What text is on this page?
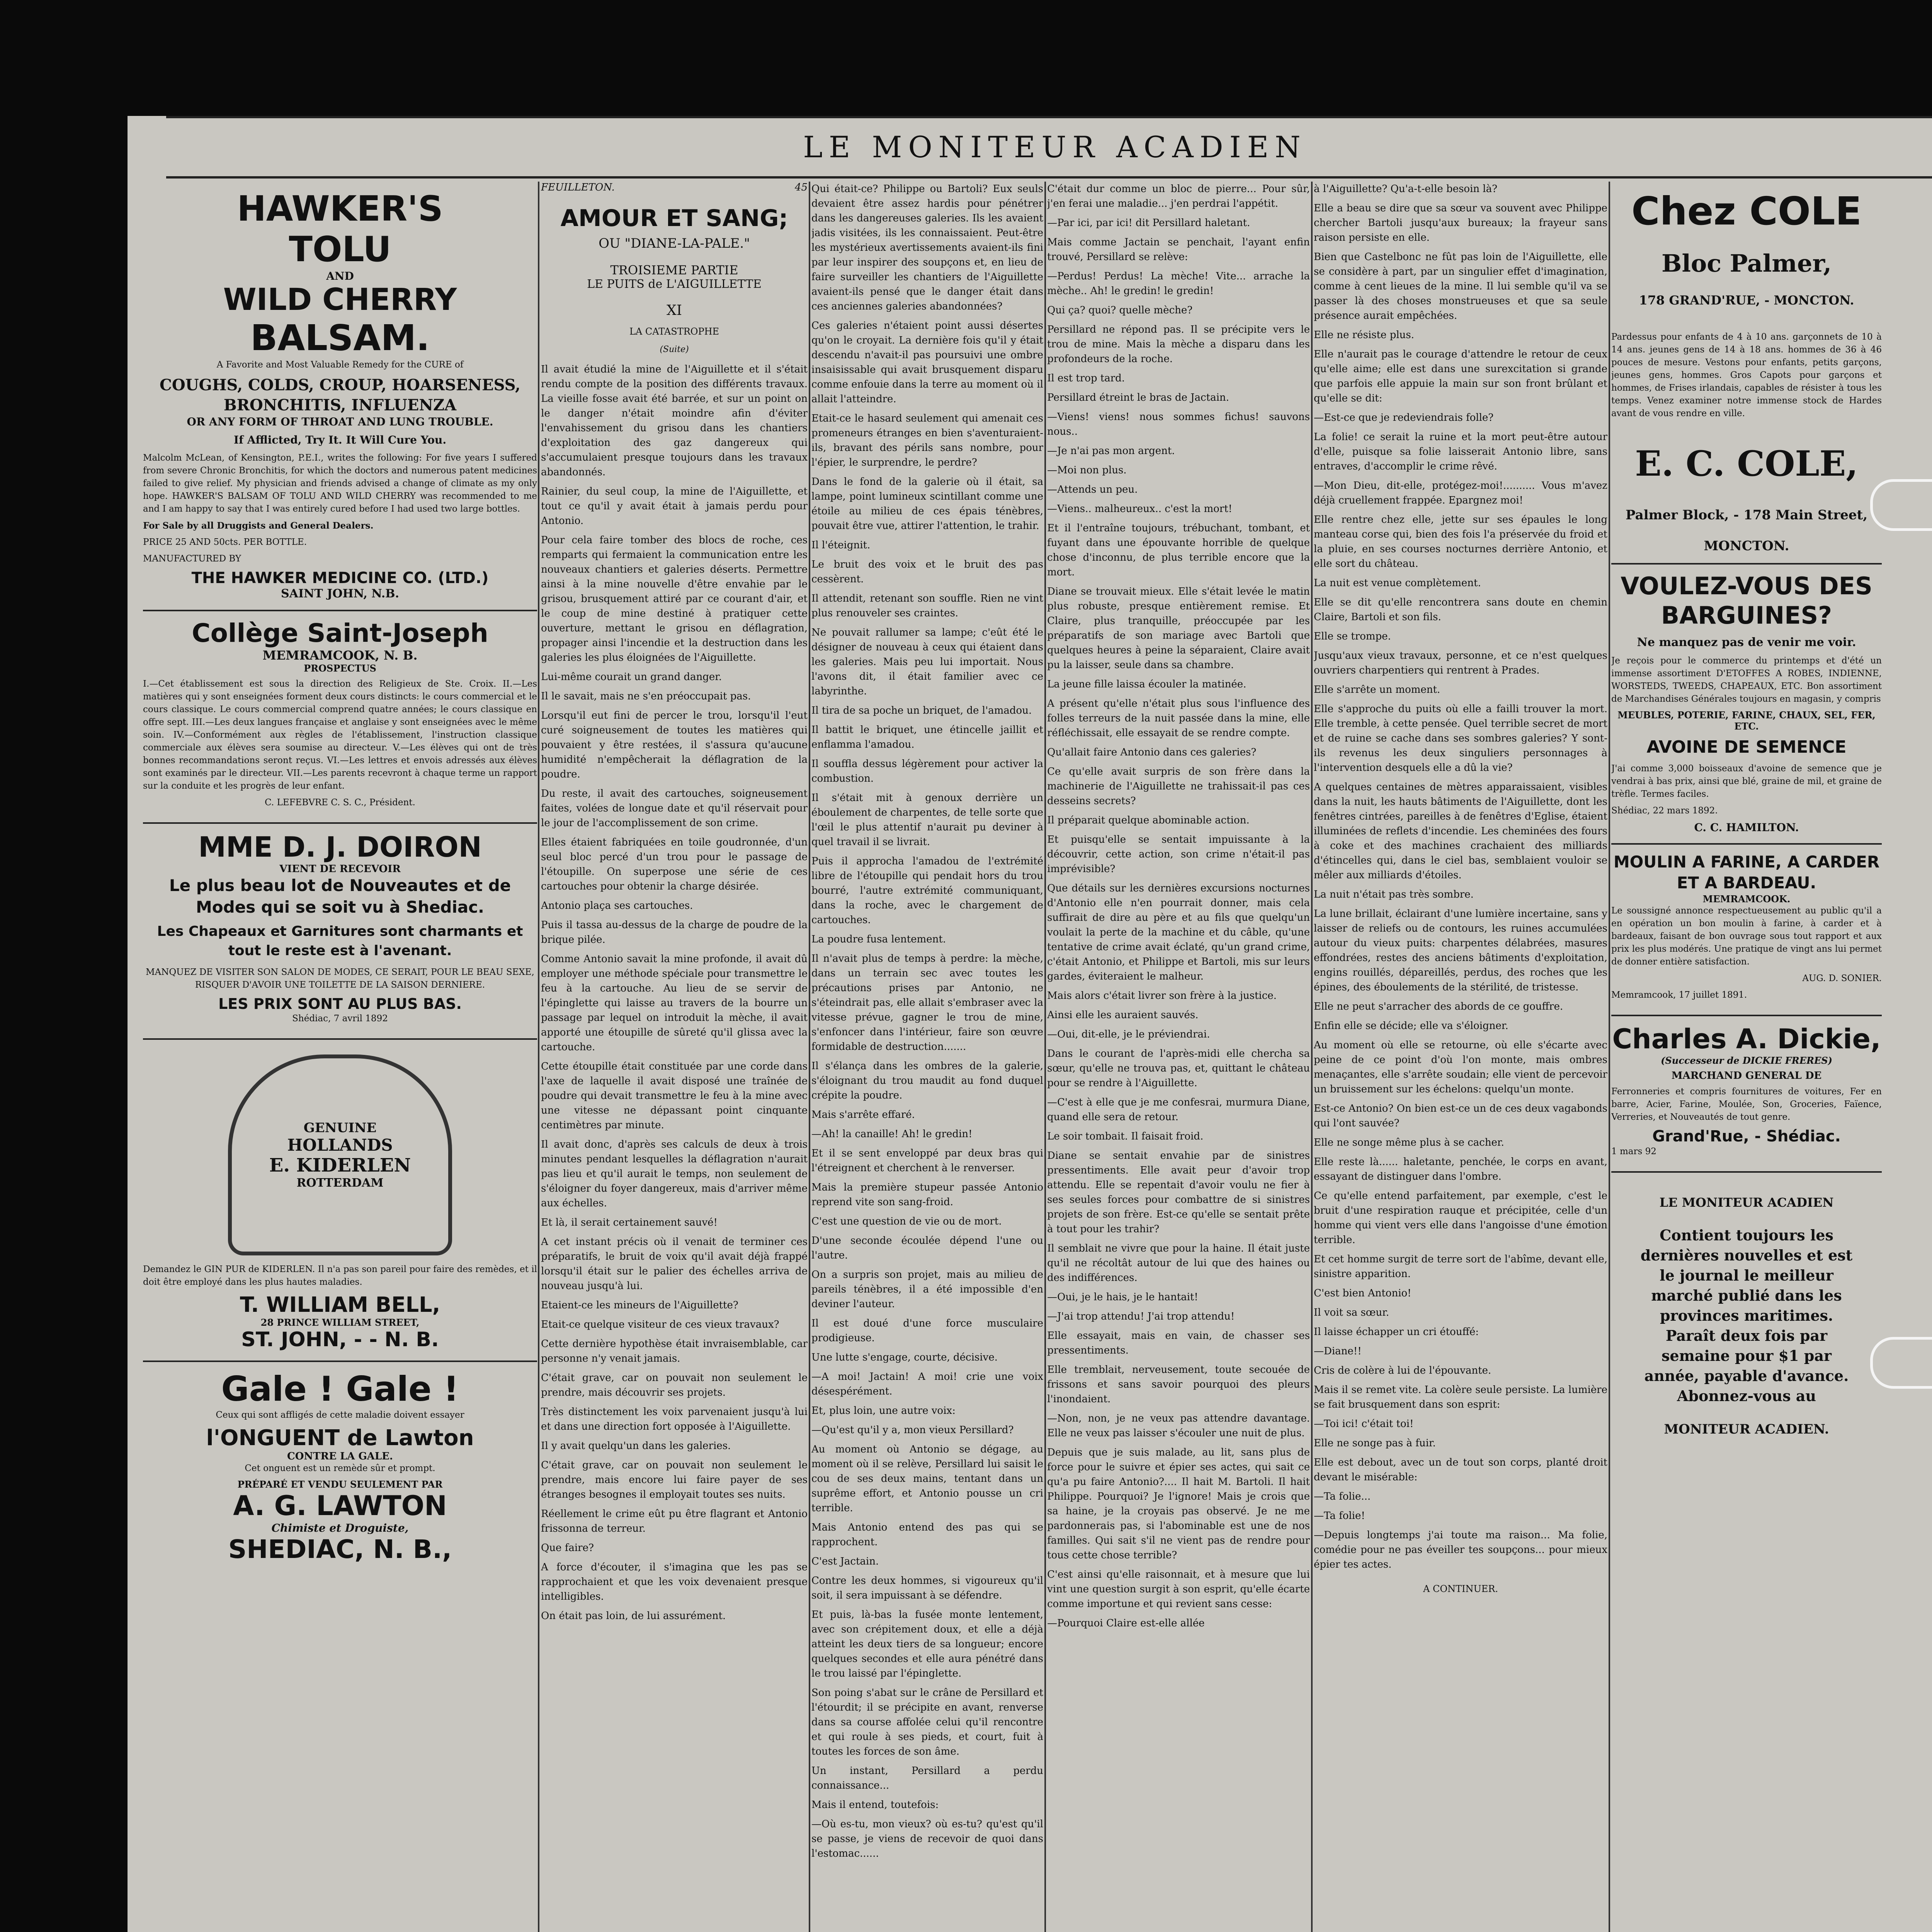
LE MONITEUR ACADIEN
HAWKER'S
TOLU
AND
WILD CHERRY
BALSAM.
A Favorite and Most Valuable Remedy for the CURE of
COUGHS, COLDS, CROUP, HOARSENESS, BRONCHITIS, INFLUENZA
OR ANY FORM OF THROAT AND LUNG TROUBLE.
If Afflicted, Try It. It Will Cure You.
Malcolm McLean, of Kensington, P.E.I., writes the following: For five years I suffered from severe Chronic Bronchitis, for which the doctors and numerous patent medicines failed to give relief. My physician and friends advised a change of climate as my only hope. HAWKER'S BALSAM OF TOLU AND WILD CHERRY was recommended to me and I am happy to say that I was entirely cured before I had used two large bottles.
For Sale by all Druggists and General Dealers.
PRICE 25 AND 50cts. PER BOTTLE.
MANUFACTURED BY
THE HAWKER MEDICINE CO. (LTD.)
SAINT JOHN, N.B.
Collège Saint-Joseph
MEMRAMCOOK, N. B.
PROSPECTUS
I.—Cet établissement est sous la direction des Religieux de Ste. Croix. II.—Les matières qui y sont enseignées forment deux cours distincts: le cours commercial et le cours classique. Le cours commercial comprend quatre années; le cours classique en offre sept. III.—Les deux langues française et anglaise y sont enseignées avec le même soin. IV.—Conformément aux règles de l'établissement, l'instruction classique commerciale aux élèves sera soumise au directeur. V.—Les élèves qui ont de très bonnes recommandations seront reçus. VI.—Les lettres et envois adressés aux élèves sont examinés par le directeur. VII.—Les parents recevront à chaque terme un rapport sur la conduite et les progrès de leur enfant.
C. LEFEBVRE C. S. C., Président.
MME D. J. DOIRON
VIENT DE RECEVOIR
Le plus beau lot de Nouveautes et de Modes qui se soit vu à Shediac.
Les Chapeaux et Garnitures sont charmants et tout le reste est à l'avenant.
MANQUEZ DE VISITER SON SALON DE MODES, CE SERAIT, POUR LE BEAU SEXE, RISQUER D'AVOIR UNE TOILETTE DE LA SAISON DERNIERE.
LES PRIX SONT AU PLUS BAS.
Shédiac, 7 avril 1892
GENUINE
HOLLANDS
E. KIDERLEN
ROTTERDAM
Demandez le GIN PUR de KIDERLEN. Il n'a pas son pareil pour faire des remèdes, et il doit être employé dans les plus hautes maladies.
T. WILLIAM BELL,
28 PRINCE WILLIAM STREET,
ST. JOHN, - - N. B.
Gale ! Gale !
Ceux qui sont affligés de cette maladie doivent essayer
l'ONGUENT de Lawton
CONTRE LA GALE.
Cet onguent est un remède sûr et prompt.
PRÉPARÉ ET VENDU SEULEMENT PAR
A. G. LAWTON
Chimiste et Droguiste,
SHEDIAC, N. B.,
FEUILLETON.	45
AMOUR ET SANG;
OU "DIANE-LA-PALE."
TROISIEME PARTIE
LE PUITS de L'AIGUILLETTE
XI
LA CATASTROPHE
(Suite)

Il avait étudié la mine de l'Aiguillette et il s'était rendu compte de la position des différents travaux. La vieille fosse avait été barrée, et sur un point on le danger n'était moindre afin d'éviter l'envahissement du grisou dans les chantiers d'exploitation des gaz dangereux qui s'accumulaient presque toujours dans les travaux abandonnés.

Rainier, du seul coup, la mine de l'Aiguillette, et tout ce qu'il y avait était à jamais perdu pour Antonio.

Pour cela faire tomber des blocs de roche, ces remparts qui fermaient la communication entre les nouveaux chantiers et galeries déserts. Permettre ainsi à la mine nouvelle d'être envahie par le grisou, brusquement attiré par ce courant d'air, et le coup de mine destiné à pratiquer cette ouverture, mettant le grisou en déflagration, propager ainsi l'incendie et la destruction dans les galeries les plus éloignées de l'Aiguillette.

Lui-même courait un grand danger.

Il le savait, mais ne s'en préoccupait pas.

Lorsqu'il eut fini de percer le trou, lorsqu'il l'eut curé soigneusement de toutes les matières qui pouvaient y être restées, il s'assura qu'aucune humidité n'empêcherait la déflagration de la poudre.

Du reste, il avait des cartouches, soigneusement faites, volées de longue date et qu'il réservait pour le jour de l'accomplissement de son crime.

Elles étaient fabriquées en toile goudronnée, d'un seul bloc percé d'un trou pour le passage de l'étoupille. On superpose une série de ces cartouches pour obtenir la charge désirée.

Antonio plaça ses cartouches.

Puis il tassa au-dessus de la charge de poudre de la brique pilée.

Comme Antonio savait la mine profonde, il avait dû employer une méthode spéciale pour transmettre le feu à la cartouche. Au lieu de se servir de l'épinglette qui laisse au travers de la bourre un passage par lequel on introduit la mèche, il avait apporté une étoupille de sûreté qu'il glissa avec la cartouche.

Cette étoupille était constituée par une corde dans l'axe de laquelle il avait disposé une traînée de poudre qui devait transmettre le feu à la mine avec une vitesse ne dépassant point cinquante centimètres par minute.

Il avait donc, d'après ses calculs de deux à trois minutes pendant lesquelles la déflagration n'aurait pas lieu et qu'il aurait le temps, non seulement de s'éloigner du foyer dangereux, mais d'arriver même aux échelles.

Et là, il serait certainement sauvé!

A cet instant précis où il venait de terminer ces préparatifs, le bruit de voix qu'il avait déjà frappé lorsqu'il était sur le palier des échelles arriva de nouveau jusqu'à lui.

Etaient-ce les mineurs de l'Aiguillette?

Etait-ce quelque visiteur de ces vieux travaux?

Cette dernière hypothèse était invraisemblable, car personne n'y venait jamais.

C'était grave, car on pouvait non seulement le prendre, mais découvrir ses projets.

Très distinctement les voix parvenaient jusqu'à lui et dans une direction fort opposée à l'Aiguillette.

Il y avait quelqu'un dans les galeries.

C'était grave, car on pouvait non seulement le prendre, mais encore lui faire payer de ses étranges besognes il employait toutes ses nuits.

Réellement le crime eût pu être flagrant et Antonio frissonna de terreur.

Que faire?

A force d'écouter, il s'imagina que les pas se rapprochaient et que les voix devenaient presque intelligibles.

On était pas loin, de lui assurément.

Qui était-ce? Philippe ou Bartoli? Eux seuls devaient être assez hardis pour pénétrer dans les dangereuses galeries. Ils les avaient jadis visitées, ils les connaissaient. Peut-être les mystérieux avertissements avaient-ils fini par leur inspirer des soupçons et, en lieu de faire surveiller les chantiers de l'Aiguillette avaient-ils pensé que le danger était dans ces anciennes galeries abandonnées?

Ces galeries n'étaient point aussi désertes qu'on le croyait. La dernière fois qu'il y était descendu n'avait-il pas poursuivi une ombre insaisissable qui avait brusquement disparu comme enfouie dans la terre au moment où il allait l'atteindre.

Etait-ce le hasard seulement qui amenait ces promeneurs étranges en bien s'aventuraient-ils, bravant des périls sans nombre, pour l'épier, le surprendre, le perdre?

Dans le fond de la galerie où il était, sa lampe, point lumineux scintillant comme une étoile au milieu de ces épais ténèbres, pouvait être vue, attirer l'attention, le trahir.

Il l'éteignit.

Le bruit des voix et le bruit des pas cessèrent.

Il attendit, retenant son souffle. Rien ne vint plus renouveler ses craintes.

Ne pouvait rallumer sa lampe; c'eût été le désigner de nouveau à ceux qui étaient dans les galeries. Mais peu lui importait. Nous l'avons dit, il était familier avec ce labyrinthe.

Il tira de sa poche un briquet, de l'amadou.

Il battit le briquet, une étincelle jaillit et enflamma l'amadou.

Il souffla dessus légèrement pour activer la combustion.

Il s'était mit à genoux derrière un éboulement de charpentes, de telle sorte que l'œil le plus attentif n'aurait pu deviner à quel travail il se livrait.

Puis il approcha l'amadou de l'extrémité libre de l'étoupille qui pendait hors du trou bourré, l'autre extrémité communiquant, dans la roche, avec le chargement de cartouches.

La poudre fusa lentement.

Il n'avait plus de temps à perdre: la mèche, dans un terrain sec avec toutes les précautions prises par Antonio, ne s'éteindrait pas, elle allait s'embraser avec la vitesse prévue, gagner le trou de mine, s'enfoncer dans l'intérieur, faire son œuvre formidable de destruction.......

Il s'élança dans les ombres de la galerie, s'éloignant du trou maudit au fond duquel crépite la poudre.

Mais s'arrête effaré.

—Ah! la canaille! Ah! le gredin!

Et il se sent enveloppé par deux bras qui l'étreignent et cherchent à le renverser.

Mais la première stupeur passée Antonio reprend vite son sang-froid.

C'est une question de vie ou de mort.

D'une seconde écoulée dépend l'une ou l'autre.

On a surpris son projet, mais au milieu de pareils ténèbres, il a été impossible d'en deviner l'auteur.

Il est doué d'une force musculaire prodigieuse.

Une lutte s'engage, courte, décisive.

—A moi! Jactain! A moi! crie une voix désespérément.

Et, plus loin, une autre voix:

—Qu'est qu'il y a, mon vieux Persillard?

Au moment où Antonio se dégage, au moment où il se relève, Persillard lui saisit le cou de ses deux mains, tentant dans un suprême effort, et Antonio pousse un cri terrible.

Mais Antonio entend des pas qui se rapprochent.

C'est Jactain.

Contre les deux hommes, si vigoureux qu'il soit, il sera impuissant à se défendre.

Et puis, là-bas la fusée monte lentement, avec son crépitement doux, et elle a déjà atteint les deux tiers de sa longueur; encore quelques secondes et elle aura pénétré dans le trou laissé par l'épinglette.

Son poing s'abat sur le crâne de Persillard et l'étourdit; il se précipite en avant, renverse dans sa course affolée celui qu'il rencontre et qui roule à ses pieds, et court, fuit à toutes les forces de son âme.

Un instant, Persillard a perdu connaissance...

Mais il entend, toutefois:

—Où es-tu, mon vieux? où es-tu? qu'est qu'il se passe, je viens de recevoir de quoi dans l'estomac......

C'était dur comme un bloc de pierre... Pour sûr, j'en ferai une maladie... j'en perdrai l'appétit.

—Par ici, par ici! dit Persillard haletant.

Mais comme Jactain se penchait, l'ayant enfin trouvé, Persillard se relève:

—Perdus! Perdus! La mèche! Vite... arrache la mèche.. Ah! le gredin! le gredin!

Qui ça? quoi? quelle mèche?

Persillard ne répond pas. Il se précipite vers le trou de mine. Mais la mèche a disparu dans les profondeurs de la roche.

Il est trop tard.

Persillard étreint le bras de Jactain.

—Viens! viens! nous sommes fichus! sauvons nous..

—Je n'ai pas mon argent.

—Moi non plus.

—Attends un peu.

—Viens.. malheureux.. c'est la mort!

Et il l'entraîne toujours, trébuchant, tombant, et fuyant dans une épouvante horrible de quelque chose d'inconnu, de plus terrible encore que la mort.

Diane se trouvait mieux. Elle s'était levée le matin plus robuste, presque entièrement remise. Et Claire, plus tranquille, préoccupée par les préparatifs de son mariage avec Bartoli que quelques heures à peine la séparaient, Claire avait pu la laisser, seule dans sa chambre.

La jeune fille laissa écouler la matinée.

A présent qu'elle n'était plus sous l'influence des folles terreurs de la nuit passée dans la mine, elle réfléchissait, elle essayait de se rendre compte.

Qu'allait faire Antonio dans ces galeries?

Ce qu'elle avait surpris de son frère dans la machinerie de l'Aiguillette ne trahissait-il pas ces desseins secrets?

Il préparait quelque abominable action.

Et puisqu'elle se sentait impuissante à la découvrir, cette action, son crime n'était-il pas imprévisible?

Que détails sur les dernières excursions nocturnes d'Antonio elle n'en pourrait donner, mais cela suffirait de dire au père et au fils que quelqu'un voulait la perte de la machine et du câble, qu'une tentative de crime avait éclaté, qu'un grand crime, c'était Antonio, et Philippe et Bartoli, mis sur leurs gardes, éviteraient le malheur.

Mais alors c'était livrer son frère à la justice.

Ainsi elle les auraient sauvés.

—Oui, dit-elle, je le préviendrai.

Dans le courant de l'après-midi elle chercha sa sœur, qu'elle ne trouva pas, et, quittant le château pour se rendre à l'Aiguillette.

—C'est à elle que je me confesrai, murmura Diane, quand elle sera de retour.

Le soir tombait. Il faisait froid.

Diane se sentait envahie par de sinistres pressentiments. Elle avait peur d'avoir trop attendu. Elle se repentait d'avoir voulu ne fier à ses seules forces pour combattre de si sinistres projets de son frère. Est-ce qu'elle se sentait prête à tout pour les trahir?

Il semblait ne vivre que pour la haine. Il était juste qu'il ne récoltât autour de lui que des haines ou des indifférences.

—Oui, je le hais, je le hantait!

—J'ai trop attendu! J'ai trop attendu!

Elle essayait, mais en vain, de chasser ses pressentiments.

Elle tremblait, nerveusement, toute secouée de frissons et sans savoir pourquoi des pleurs l'inondaient.

—Non, non, je ne veux pas attendre davantage. Elle ne veux pas laisser s'écouler une nuit de plus.

Depuis que je suis malade, au lit, sans plus de force pour le suivre et épier ses actes, qui sait ce qu'a pu faire Antonio?.... Il hait M. Bartoli. Il hait Philippe. Pourquoi? Je l'ignore! Mais je crois que sa haine, je la croyais pas observé. Je ne me pardonnerais pas, si l'abominable est une de nos familles. Qui sait s'il ne vient pas de rendre pour tous cette chose terrible?

C'est ainsi qu'elle raisonnait, et à mesure que lui vint une question surgit à son esprit, qu'elle écarte comme importune et qui revient sans cesse:

—Pourquoi Claire est-elle allée

à l'Aiguillette? Qu'a-t-elle besoin là?

Elle a beau se dire que sa sœur va souvent avec Philippe chercher Bartoli jusqu'aux bureaux; la frayeur sans raison persiste en elle.

Bien que Castelbonc ne fût pas loin de l'Aiguillette, elle se considère à part, par un singulier effet d'imagination, comme à cent lieues de la mine. Il lui semble qu'il va se passer là des choses monstrueuses et que sa seule présence aurait empêchées.

Elle ne résiste plus.

Elle n'aurait pas le courage d'attendre le retour de ceux qu'elle aime; elle est dans une surexcitation si grande que parfois elle appuie la main sur son front brûlant et qu'elle se dit:

—Est-ce que je redeviendrais folle?

La folie! ce serait la ruine et la mort peut-être autour d'elle, puisque sa folie laisserait Antonio libre, sans entraves, d'accomplir le crime rêvé.

—Mon Dieu, dit-elle, protégez-moi!.......... Vous m'avez déjà cruellement frappée. Epargnez moi!

Elle rentre chez elle, jette sur ses épaules le long manteau corse qui, bien des fois l'a préservée du froid et la pluie, en ses courses nocturnes derrière Antonio, et elle sort du château.

La nuit est venue complètement.

Elle se dit qu'elle rencontrera sans doute en chemin Claire, Bartoli et son fils.

Elle se trompe.

Jusqu'aux vieux travaux, personne, et ce n'est quelques ouvriers charpentiers qui rentrent à Prades.

Elle s'arrête un moment.

Elle s'approche du puits où elle a failli trouver la mort. Elle tremble, à cette pensée. Quel terrible secret de mort et de ruine se cache dans ses sombres galeries? Y sont-ils revenus les deux singuliers personnages à l'intervention desquels elle a dû la vie?

A quelques centaines de mètres apparaissaient, visibles dans la nuit, les hauts bâtiments de l'Aiguillette, dont les fenêtres cintrées, pareilles à de fenêtres d'Eglise, étaient illuminées de reflets d'incendie. Les cheminées des fours à coke et des machines crachaient des milliards d'étincelles qui, dans le ciel bas, semblaient vouloir se mêler aux milliards d'étoiles.

La nuit n'était pas très sombre.

La lune brillait, éclairant d'une lumière incertaine, sans y laisser de reliefs ou de contours, les ruines accumulées autour du vieux puits: charpentes délabrées, masures effondrées, restes des anciens bâtiments d'exploitation, engins rouillés, dépareillés, perdus, des roches que les épines, des éboulements de la stérilité, de tristesse.

Elle ne peut s'arracher des abords de ce gouffre.

Enfin elle se décide; elle va s'éloigner.

Au moment où elle se retourne, où elle s'écarte avec peine de ce point d'où l'on monte, mais ombres menaçantes, elle s'arrête soudain; elle vient de percevoir un bruissement sur les échelons: quelqu'un monte.

Est-ce Antonio? On bien est-ce un de ces deux vagabonds qui l'ont sauvée?

Elle ne songe même plus à se cacher.

Elle reste là...... haletante, penchée, le corps en avant, essayant de distinguer dans l'ombre.

Ce qu'elle entend parfaitement, par exemple, c'est le bruit d'une respiration rauque et précipitée, celle d'un homme qui vient vers elle dans l'angoisse d'une émotion terrible.

Et cet homme surgit de terre sort de l'abîme, devant elle, sinistre apparition.

C'est bien Antonio!

Il voit sa sœur.

Il laisse échapper un cri étouffé:

—Diane!!

Cris de colère à lui de l'épouvante.

Mais il se remet vite. La colère seule persiste. La lumière se fait brusquement dans son esprit:

—Toi ici! c'était toi!

Elle ne songe pas à fuir.

Elle est debout, avec un de tout son corps, planté droit devant le misérable:

—Ta folie...

—Ta folie!

—Depuis longtemps j'ai toute ma raison... Ma folie, comédie pour ne pas éveiller tes soupçons... pour mieux épier tes actes.

A CONTINUER.
Chez COLE
Bloc Palmer,
178 GRAND'RUE, - MONCTON.
Pardessus pour enfants de 4 à 10 ans. garçonnets de 10 à 14 ans. jeunes gens de 14 à 18 ans. hommes de 36 à 46 pouces de mesure. Vestons pour enfants, petits garçons, jeunes gens, hommes. Gros Capots pour garçons et hommes, de Frises irlandais, capables de résister à tous les temps. Venez examiner notre immense stock de Hardes avant de vous rendre en ville.
E. C. COLE,
Palmer Block, - 178 Main Street,
MONCTON.
VOULEZ-VOUS DES BARGUINES?
Ne manquez pas de venir me voir.
Je reçois pour le commerce du printemps et d'été un immense assortiment D'ETOFFES A ROBES, INDIENNE, WORSTEDS, TWEEDS, CHAPEAUX, ETC. Bon assortiment de Marchandises Générales toujours en magasin, y compris
MEUBLES, POTERIE, FARINE, CHAUX, SEL, FER, ETC.
AVOINE DE SEMENCE
J'ai comme 3,000 boisseaux d'avoine de semence que je vendrai à bas prix, ainsi que blé, graine de mil, et graine de trèfle. Termes faciles.
Shédiac, 22 mars 1892.
C. C. HAMILTON.
MOULIN A FARINE, A CARDER ET A BARDEAU.
MEMRAMCOOK.
Le soussigné annonce respectueusement au public qu'il a en opération un bon moulin à farine, à carder et à bardeaux, faisant de bon ouvrage sous tout rapport et aux prix les plus modérés. Une pratique de vingt ans lui permet de donner entière satisfaction.
AUG. D. SONIER.
Memramcook, 17 juillet 1891.
Charles A. Dickie,
(Successeur de DICKIE FRERES)
MARCHAND GENERAL DE
Ferronneries et compris fournitures de voitures, Fer en barre, Acier, Farine, Moulée, Son, Groceries, Faïence, Verreries, et Nouveautés de tout genre.
Grand'Rue, - Shédiac.
1 mars 92
LE MONITEUR ACADIEN
Contient toujours les dernières nouvelles et est le journal le meilleur marché publié dans les provinces maritimes. Paraît deux fois par semaine pour $1 par année, payable d'avance. Abonnez-vous au
MONITEUR ACADIEN.
